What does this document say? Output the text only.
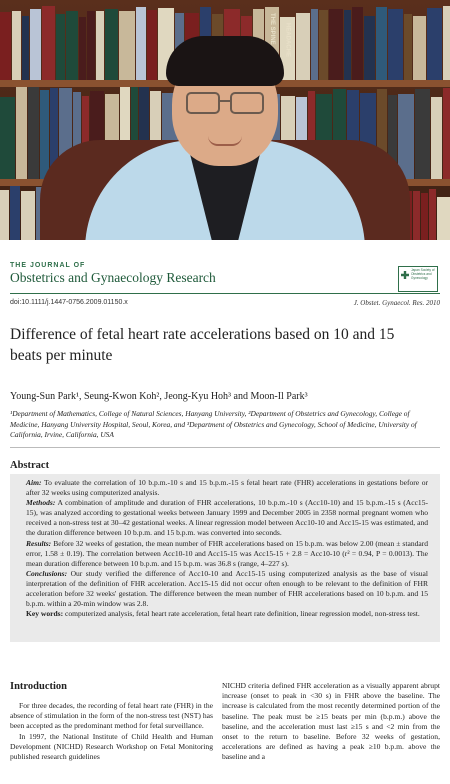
THE SPINE HEADACHE
THE JOURNAL OF
Obstetrics and Gynaecology Research	Japan Society of Obstetrics and Gynecology
doi:10.1111/j.1447-0756.2009.01150.x	J. Obstet. Gynaecol. Res. 2010
Difference of fetal heart rate accelerations based on 10 and 15 beats per minute
Young-Sun Park¹, Seung-Kwon Koh², Jeong-Kyu Hoh³ and Moon-Il Park³
¹Department of Mathematics, College of Natural Sciences, Hanyang University, ²Department of Obstetrics and Gynecology, College of Medicine, Hanyang University Hospital, Seoul, Korea, and ³Department of Obstetrics and Gynecology, School of Medicine, University of California, Irvine, California, USA
Abstract

Aim: To evaluate the correlation of 10 b.p.m.-10 s and 15 b.p.m.-15 s fetal heart rate (FHR) accelerations in gestations before or after 32 weeks using computerized analysis.

Methods: A combination of amplitude and duration of FHR accelerations, 10 b.p.m.-10 s (Acc10-10) and 15 b.p.m.-15 s (Acc15-15), was analyzed according to gestational weeks between January 1999 and December 2005 in 2358 normal pregnant women who received a non-stress test at 30–42 gestational weeks. A linear regression model between Acc10-10 and Acc15-15 was estimated, and the duration difference between 10 b.p.m. and 15 b.p.m. was converted into seconds.

Results: Before 32 weeks of gestation, the mean number of FHR accelerations based on 15 b.p.m. was below 2.00 (mean ± standard error, 1.58 ± 0.19). The correlation between Acc10-10 and Acc15-15 was Acc15-15 + 2.8 = Acc10-10 (r² = 0.94, P = 0.0013). The mean duration difference between 10 b.p.m. and 15 b.p.m. was 36.8 s (range, 4–227 s).

Conclusions: Our study verified the difference of Acc10-10 and Acc15-15 using computerized analysis as the base of visual interpretation of the definition of FHR acceleration. Acc15-15 did not occur often enough to be relevant to the definition of FHR acceleration before 32 weeks' gestation. The difference between the mean number of FHR accelerations based on 10 b.p.m. and 15 b.p.m. within a 20-min window was 2.8.

Key words: computerized analysis, fetal heart rate acceleration, fetal heart rate definition, linear regression model, non-stress test.

Introduction

For three decades, the recording of fetal heart rate (FHR) in the absence of stimulation in the form of the non-stress test (NST) has been accepted as the predominant method for fetal surveillance.

In 1997, the National Institute of Child Health and Human Development (NICHD) Research Workshop on Fetal Monitoring published research guidelines

NICHD criteria defined FHR acceleration as a visually apparent abrupt increase (onset to peak in <30 s) in FHR above the baseline. The increase is calculated from the most recently determined portion of the baseline. The peak must be ≥15 beats per min (b.p.m.) above the baseline, and the acceleration must last ≥15 s and <2 min from the onset to the return to baseline. Before 32 weeks of gestation, accelerations are defined as having a peak ≥10 b.p.m. above the baseline and a
